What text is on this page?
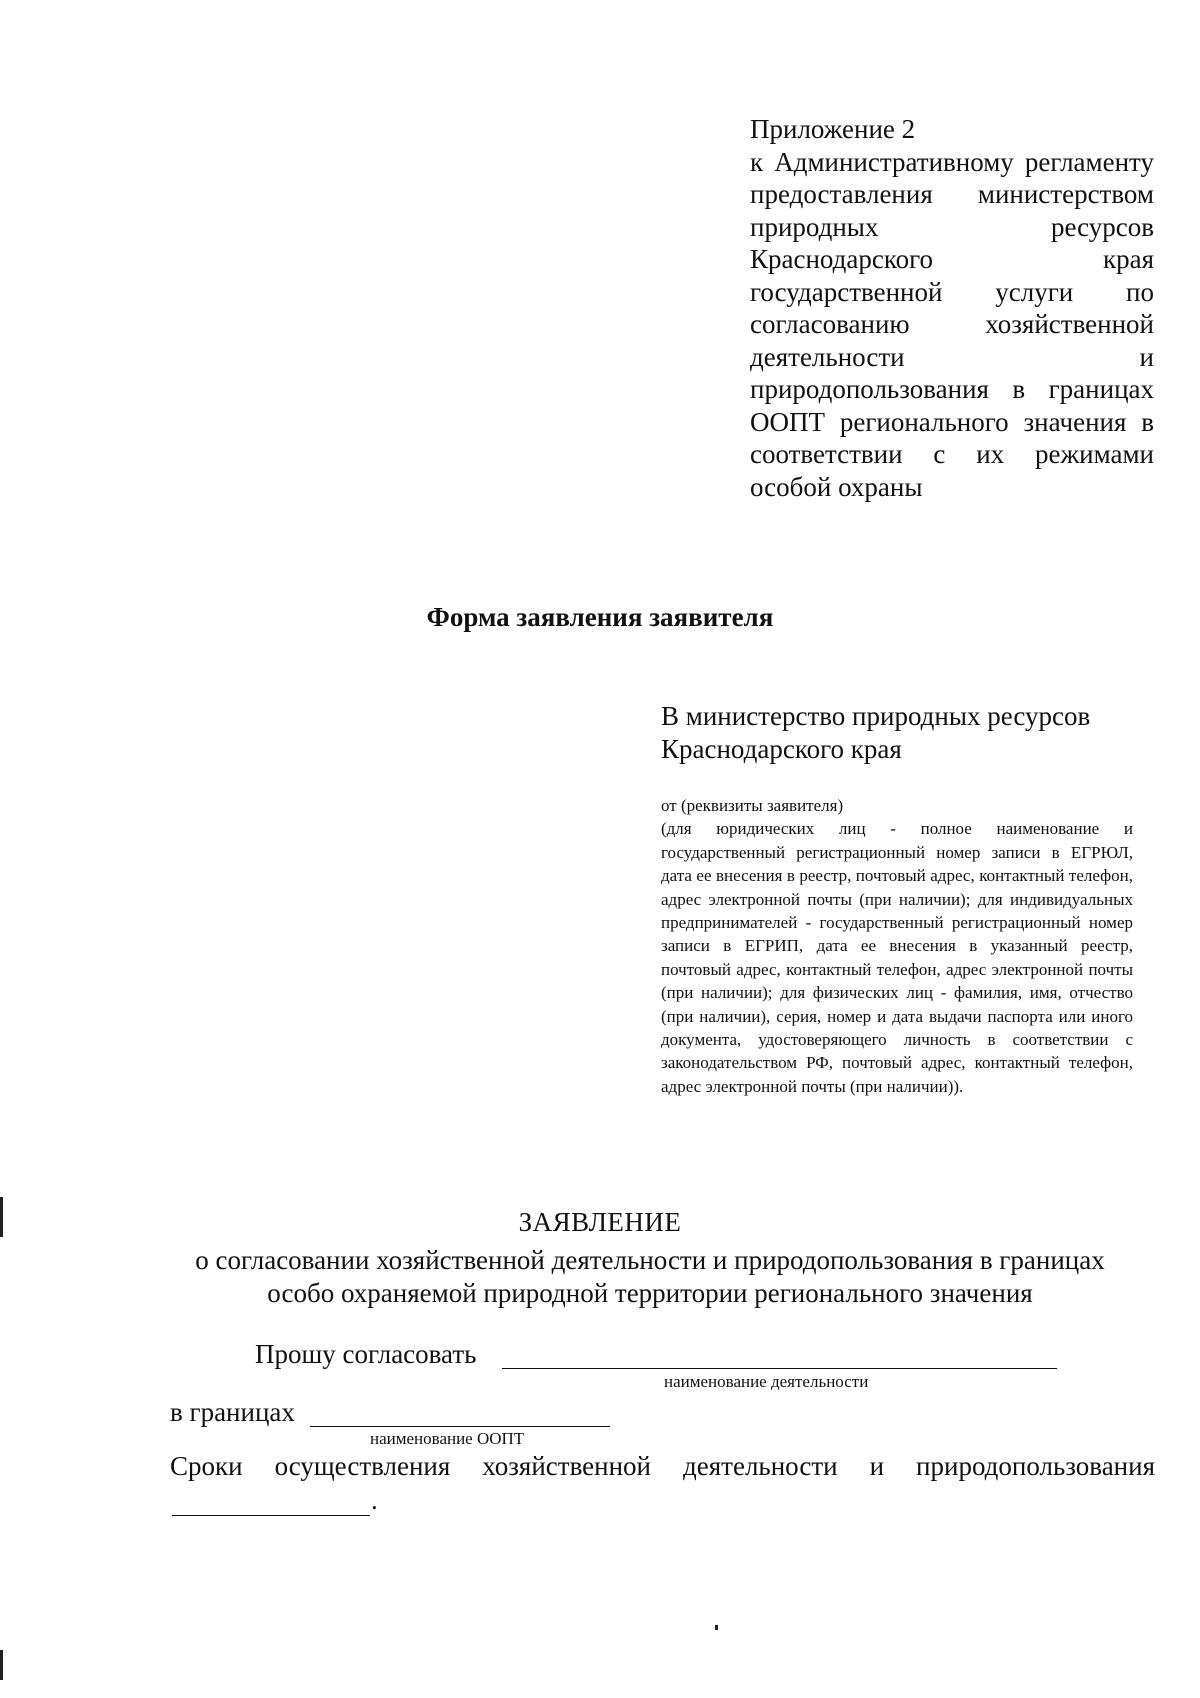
Приложение 2
к Административному регламенту предоставления министерством природных ресурсов Краснодарского края государственной услуги по согласованию хозяйственной деятельности и природопользования в границах ООПТ регионального значения в соответствии с их режимами особой охраны
Форма заявления заявителя
В министерство природных ресурсов
Краснодарского края
от (реквизиты заявителя)
(для юридических лиц - полное наименование и государственный регистрационный номер записи в ЕГРЮЛ, дата ее внесения в реестр, почтовый адрес, контактный телефон, адрес электронной почты (при наличии); для индивидуальных предпринимателей - государственный регистрационный номер записи в ЕГРИП, дата ее внесения в указанный реестр, почтовый адрес, контактный телефон, адрес электронной почты (при наличии); для физических лиц - фамилия, имя, отчество (при наличии), серия, номер и дата выдачи паспорта или иного документа, удостоверяющего личность в соответствии с законодательством РФ, почтовый адрес, контактный телефон, адрес электронной почты (при наличии)).
ЗАЯВЛЕНИЕ
о согласовании хозяйственной деятельности и природопользования в границах
особо охраняемой природной территории регионального значения
Прошу согласовать
наименование деятельности
в границах
наименование ООПТ
Сроки осуществления хозяйственной деятельности и природопользования
.
